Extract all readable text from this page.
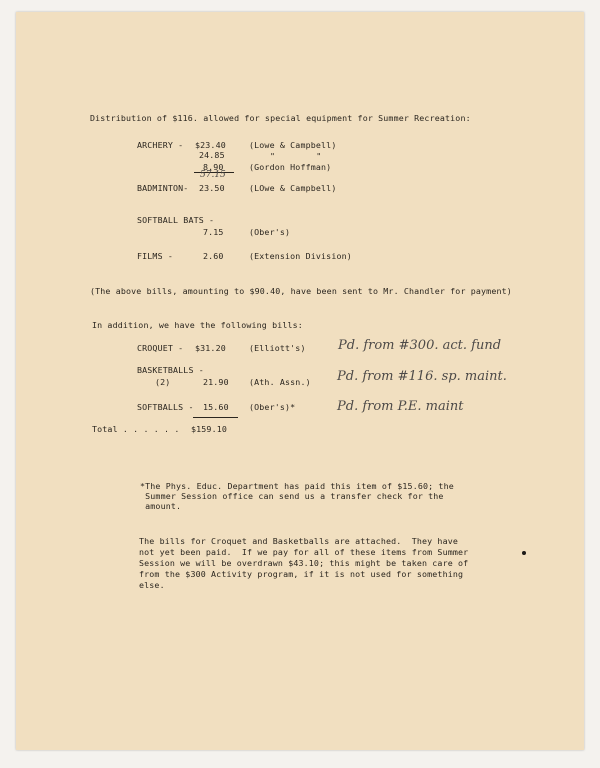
Distribution of $116. allowed for special equipment for Summer Recreation:
ARCHERY - $23.40	(Lowe & Campbell)
24.85	"        "
8.90	(Gordon Hoffman)
57.15
BADMINTON- 23.50	(LOwe & Campbell)
SOFTBALL BATS -
7.15	(Ober's)
FILMS -	2.60	(Extension Division)
(The above bills, amounting to $90.40, have been sent to Mr. Chandler for payment)
In addition, we have the following bills:
CROQUET - $31.20	(Elliott's) Pd. from #300. act. fund
BASKETBALLS -
(2)	21.90 (Ath. Assn.) Pd. from #116. sp. maint.
SOFTBALLS - 15.60 (Ober's)*	Pd. from P.E. maint
Total . . . . . . $159.10
*The Phys. Educ. Department has paid this item of $15.60; the
Summer Session office can send us a transfer check for the
amount.
The bills for Croquet and Basketballs are attached.  They have
not yet been paid.  If we pay for all of these items from Summer
Session we will be overdrawn $43.10; this might be taken care of
from the $300 Activity program, if it is not used for something
else.
